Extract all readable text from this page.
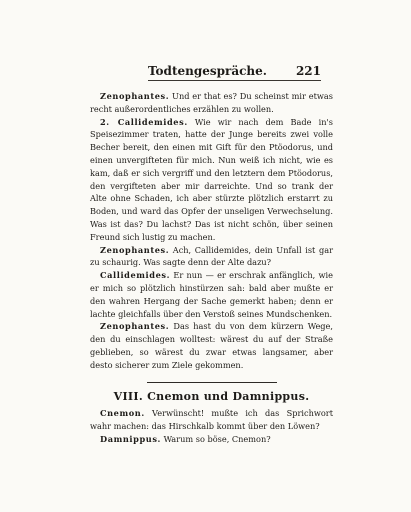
Todtengespräche. 221

Zenophantes. Und er that es? Du scheinst mir etwas recht außerordentliches erzählen zu wollen.

2. Callidemides. Wie wir nach dem Bade in's Speisezimmer traten, hatte der Junge bereits zwei volle Becher bereit, den einen mit Gift für den Ptöodorus, und einen unvergifteten für mich. Nun weiß ich nicht, wie es kam, daß er sich vergriff und den letztern dem Ptöodorus, den vergifteten aber mir darreichte. Und so trank der Alte ohne Schaden, ich aber stürzte plötzlich erstarrt zu Boden, und ward das Opfer der unseligen Verwechselung. Was ist das? Du lachst? Das ist nicht schön, über seinen Freund sich lustig zu machen.

Zenophantes. Ach, Callidemides, dein Unfall ist gar zu schaurig. Was sagte denn der Alte dazu?

Callidemides. Er nun — er erschrak anfänglich, wie er mich so plötzlich hinstürzen sah: bald aber mußte er den wahren Hergang der Sache gemerkt haben; denn er lachte gleichfalls über den Verstoß seines Mundschenken.

Zenophantes. Das hast du von dem kürzern Wege, den du einschlagen wolltest: wärest du auf der Straße geblieben, so wärest du zwar etwas langsamer, aber desto sicherer zum Ziele gekommen.

VIII. Cnemon und Damnippus.

Cnemon. Verwünscht! mußte ich das Sprichwort wahr machen: das Hirschkalb kommt über den Löwen?

Damnippus. Warum so böse, Cnemon?
